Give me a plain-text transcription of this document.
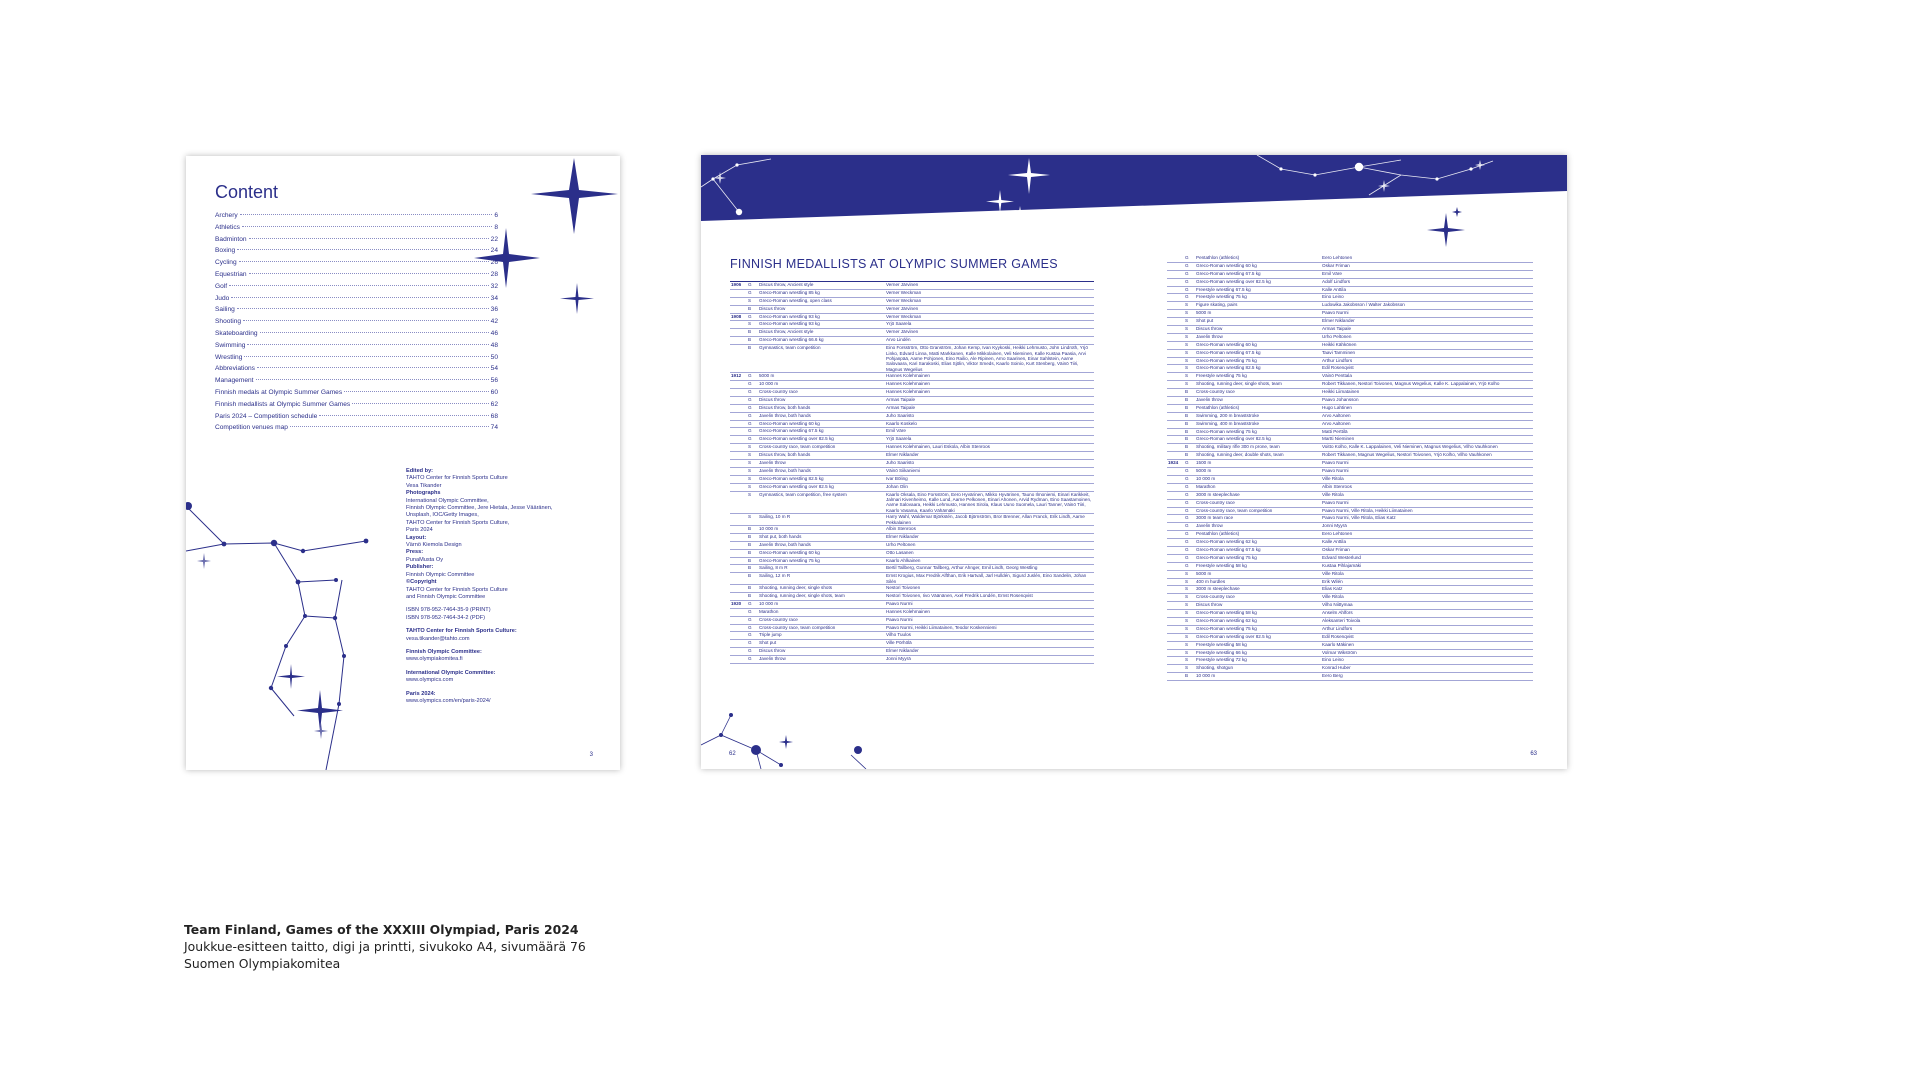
Content
Archery	6
Athletics	8
Badminton	22
Boxing	24
Cycling	26
Equestrian	28
Golf	32
Judo	34
Sailing	36
Shooting	42
Skateboarding	46
Swimming	48
Wrestling	50
Abbreviations	54
Management	56
Finnish medals at Olympic Summer Games	60
Finnish medallists at Olympic Summer Games	62
Paris 2024 – Competition schedule	68
Competition venues map	74
Edited by:
TAHTO Center for Finnish Sports Culture
Vesa Tikander
Photographs
International Olympic Committee,
Finnish Olympic Committee, Jere Hietala, Jesse Vääränen,
Unsplash, IOC/Getty Images,
TAHTO Center for Finnish Sports Culture,
Paris 2024
Layout:
Värnö Kiemola Design
Press:
PunaMusta Oy
Publisher:
Finnish Olympic Committee
©Copyright
TAHTO Center for Finnish Sports Culture
and Finnish Olympic Committee
ISBN 978-952-7464-35-9 (PRINT)
ISBN 978-952-7464-34-2 (PDF)
TAHTO Center for Finnish Sports Culture:
vesa.tikander@tahto.com
Finnish Olympic Committee:
www.olympiakomitea.fi
International Olympic Committee:
www.olympics.com
Paris 2024:
www.olympics.com/en/paris-2024/
3
FINNISH MEDALLISTS AT OLYMPIC SUMMER GAMES
1906	G	Discus throw, Ancient style	Verner Järvinen
	G	Greco-Roman wrestling 85 kg	Verner Weckman
	S	Greco-Roman wrestling, open class	Verner Weckman
	B	Discus throw	Verner Järvinen
1908	G	Greco-Roman wrestling 93 kg	Verner Weckman
	S	Greco-Roman wrestling 93 kg	Yrjö Saarela
	B	Discus throw, Ancient style	Verner Järvinen
	B	Greco-Roman wrestling 66.6 kg	Arvo Lindén
	B	Gymnastics, team competition	Eino Forsström, Otto Granström, Johan Kemp, Ivan Kyykoski, Heikki Lehmusto, John Lindroth, Yrjö Linko, Edvard Linna, Matti Markkanen, Kalle Mikkolainen, Veli Nieminen, Kalle Kustaa Paasia, Arvi Pohjanpää, Aarne Pohjonen, Eino Railio, Ale Ripinen, Arno Saarinen, Einar Sahlstein, Aarne Salovaara, Kari Sarakoski, Elias Sjölin, Viktor Smeds, Kaarlo Soinio, Kurt Stenberg, Väinö Tiiri, Magnus Wegelius
1912	G	5000 m	Hannes Kolehmainen
	G	10 000 m	Hannes Kolehmainen
	G	Cross-country race	Hannes Kolehmainen
	G	Discus throw	Armas Taipale
	G	Discus throw, both hands	Armas Taipale
	G	Javelin throw, both hands	Juho Saaristo
	G	Greco-Roman wrestling 60 kg	Kaarlo Koskelo
	G	Greco-Roman wrestling 67.5 kg	Emil Väre
	G	Greco-Roman wrestling over 82.5 kg	Yrjö Saarela
	S	Cross-country race, team competition	Hannes Kolehmainen, Lauri Eskola, Albin Stenroos
	S	Discus throw, both hands	Elmer Niklander
	S	Javelin throw	Juho Saaristo
	S	Javelin throw, both hands	Väinö Siikaniemi
	S	Greco-Roman wrestling 82.5 kg	Ivar Böling
	S	Greco-Roman wrestling over 82.5 kg	Johan Olin
	S	Gymnastics, team competition, free system	Kaarlo Oksala, Eino Forsström, Eero Hyvärinen, Mikko Hyvärinen, Tauno Ilmoniemi, Einari Karikkeit, Jalmari Kivenheimo, Kalle Lund, Aarne Pelkonen, Einari Ahonen, Arvid Rydman, Eino Saastamoinen, Aarne Salovaara, Heikki Lehmusto, Hannes Sirola, Klaus Uuno Suomela, Lauri Tanner, Väinö Tiiri, Kaarlo Vasama, Kaarlo Vähämäki
	S	Sailing, 10 m R	Harry Wahl, Waldemar Björkstén, Jacob Björnström, Bror Brenner, Allan Franck, Erik Lindh, Aarne Pekkalainen
	B	10 000 m	Albin Stenroos
	B	Shot put, both hands	Elmer Niklander
	B	Javelin throw, both hands	Urho Peltonen
	B	Greco-Roman wrestling 60 kg	Otto Lasanen
	B	Greco-Roman wrestling 75 kg	Kaarlo Ahlkainen
	B	Sailing, 8 m R	Bertil Tallberg, Gunnar Tallberg, Arthur Ahnger, Emil Lindh, Georg Westling
	B	Sailing, 12 m R	Ernst Krogius, Max Fredrik Alfthan, Erik Hartvall, Jarl Hulldén, Sigurd Juslén, Eino Sandelin, Johan Silén
	B	Shooting, running deer, single shots	Nestori Toivonen
	B	Shooting, running deer, single shots, team	Nestori Toivonen, Iivo Väänänen, Axel Fredrik Londén, Ernst Rosenqvist
1920	G	10 000 m	Paavo Nurmi
	G	Marathon	Hannes Kolehmainen
	G	Cross-country race	Paavo Nurmi
	G	Cross-country race, team competition	Paavo Nurmi, Heikki Liimatainen, Teodor Koskenniemi
	G	Triple jump	Vilho Tuulos
	G	Shot put	Ville Pörhölä
	G	Discus throw	Elmer Niklander
	G	Javelin throw	Jonni Myyrä
	G	Pentathlon (athletics)	Eero Lehtonen
	G	Greco-Roman wrestling 60 kg	Oskar Friman
	G	Greco-Roman wrestling 67.5 kg	Emil Väre
	G	Greco-Roman wrestling over 82.5 kg	Adolf Lindfors
	G	Freestyle wrestling 67.5 kg	Kalle Anttila
	G	Freestyle wrestling 75 kg	Eino Leino
	S	Figure skating, pairs	Ludowika Jakobsson / Walter Jakobsson
	S	5000 m	Paavo Nurmi
	S	Shot put	Elmer Niklander
	S	Discus throw	Armas Taipale
	S	Javelin throw	Urho Peltonen
	S	Greco-Roman wrestling 60 kg	Heikki Kähkönen
	S	Greco-Roman wrestling 67.5 kg	Taavi Tamminen
	S	Greco-Roman wrestling 75 kg	Arthur Lindfors
	S	Greco-Roman wrestling 82.5 kg	Edil Rosenqvist
	S	Freestyle wrestling 75 kg	Väinö Penttala
	S	Shooting, running deer, single shots, team	Robert Tikkanen, Nestori Toivonen, Magnus Wegelius, Kalle K. Lappalainen, Yrjö Kolho
	B	Cross-country race	Heikki Liimatainen
	B	Javelin throw	Paavo Johansson
	B	Pentathlon (athletics)	Hugo Lahtinen
	B	Swimming, 200 m breaststroke	Arvo Aaltonen
	B	Swimming, 400 m breaststroke	Arvo Aaltonen
	B	Greco-Roman wrestling 75 kg	Matti Perttilä
	B	Greco-Roman wrestling over 82.5 kg	Martti Nieminen
	B	Shooting, military rifle 300 m prone, team	Voitto Kolho, Kalle K. Lappalainen, Veli Nieminen, Magnus Wegelius, Vilho Vauhkonen
	B	Shooting, running deer, double shots, team	Robert Tikkanen, Magnus Wegelius, Nestori Toivonen, Yrjö Kolho, Vilho Vauhkonen
1924	G	1500 m	Paavo Nurmi
	G	5000 m	Paavo Nurmi
	G	10 000 m	Ville Ritola
	G	Marathon	Albin Stenroos
	G	3000 m steeplechase	Ville Ritola
	G	Cross-country race	Paavo Nurmi
	G	Cross-country race, team competition	Paavo Nurmi, Ville Ritola, Heikki Liimatainen
	G	3000 m team race	Paavo Nurmi, Ville Ritola, Elias Katz
	G	Javelin throw	Jonni Myyrä
	G	Pentathlon (athletics)	Eero Lehtonen
	G	Greco-Roman wrestling 62 kg	Kalle Anttila
	G	Greco-Roman wrestling 67.5 kg	Oskar Friman
	G	Greco-Roman wrestling 75 kg	Edvard Westerlund
	G	Freestyle wrestling 58 kg	Kustaa Pihlajamäki
	S	5000 m	Ville Ritola
	S	400 m hurdles	Erik Wilén
	S	3000 m steeplechase	Elias Katz
	S	Cross-country race	Ville Ritola
	S	Discus throw	Vilho Niittymaa
	S	Greco-Roman wrestling 58 kg	Anselm Ahlfors
	S	Greco-Roman wrestling 62 kg	Aleksanteri Toivola
	S	Greco-Roman wrestling 75 kg	Arthur Lindfors
	S	Greco-Roman wrestling over 82.5 kg	Edil Rosenqvist
	S	Freestyle wrestling 58 kg	Kaarlo Mäkinen
	S	Freestyle wrestling 66 kg	Volmar Wikström
	S	Freestyle wrestling 72 kg	Eino Leino
	S	Shooting, shotgun	Konrad Huber
	B	10 000 m	Eero Berg
62	63
Team Finland, Games of the XXXIII Olympiad, Paris 2024
Joukkue-esitteen taitto, digi ja printti, sivukoko A4, sivumäärä 76
Suomen Olympiakomitea
